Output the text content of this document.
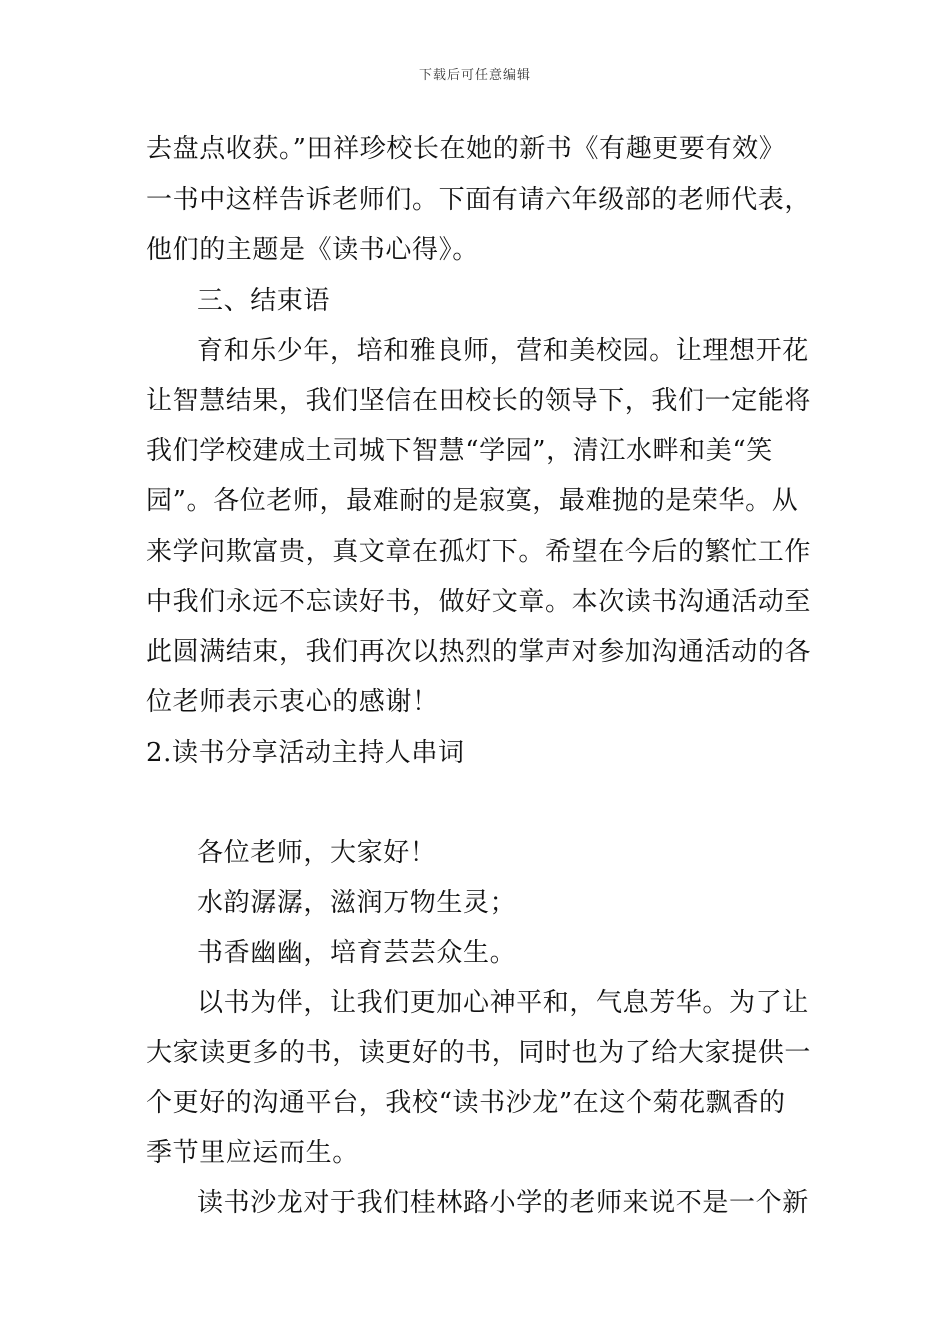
下载后可任意编辑
去盘点收获。”田祥珍校长在她的新书《有趣更要有效》
一书中这样告诉老师们。下面有请六年级部的老师代表，
他们的主题是《读书心得》。
三、结束语
育和乐少年，培和雅良师，营和美校园。让理想开花
让智慧结果，我们坚信在田校长的领导下，我们一定能将
我们学校建成土司城下智慧“学园”，清江水畔和美“笑
园”。各位老师，最难耐的是寂寞，最难抛的是荣华。从
来学问欺富贵，真文章在孤灯下。希望在今后的繁忙工作
中我们永远不忘读好书，做好文章。本次读书沟通活动至
此圆满结束，我们再次以热烈的掌声对参加沟通活动的各
位老师表示衷心的感谢！
2.读书分享活动主持人串词
各位老师，大家好！
水韵潺潺，滋润万物生灵；
书香幽幽，培育芸芸众生。
以书为伴，让我们更加心神平和，气息芳华。为了让
大家读更多的书，读更好的书，同时也为了给大家提供一
个更好的沟通平台，我校“读书沙龙”在这个菊花飘香的
季节里应运而生。
读书沙龙对于我们桂林路小学的老师来说不是一个新
